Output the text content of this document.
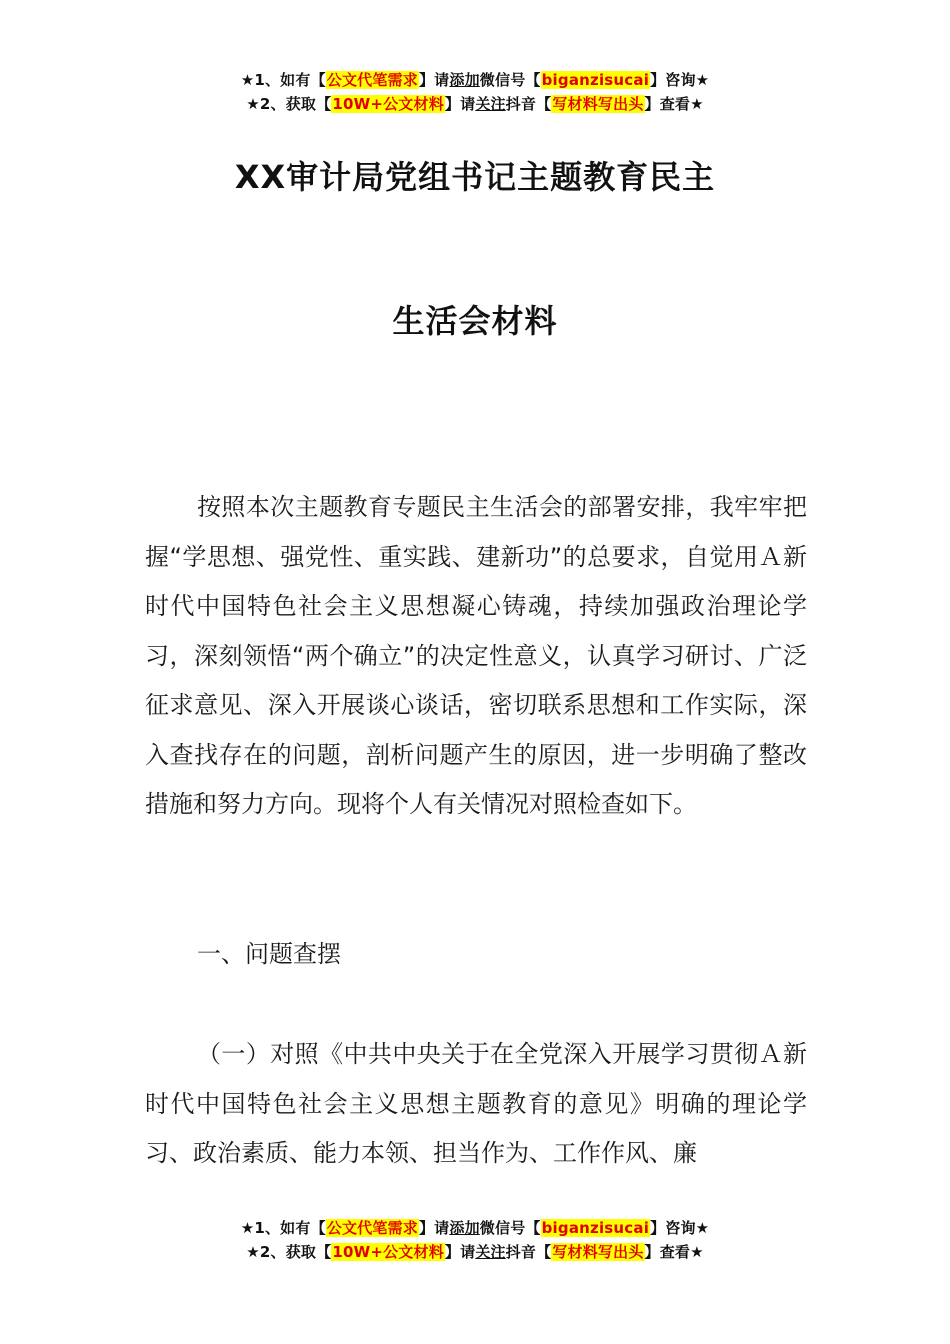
★1、如有【公文代笔需求】请添加微信号【biganzisucai】咨询★
★2、获取【10W+公文材料】请关注抖音【写材料写出头】查看★
XX审计局党组书记主题教育民主
生活会材料
按照本次主题教育专题民主生活会的部署安排，我牢牢把握“学思想、强党性、重实践、建新功”的总要求，自觉用Ａ新时代中国特色社会主义思想凝心铸魂，持续加强政治理论学习，深刻领悟“两个确立”的决定性意义，认真学习研讨、广泛征求意见、深入开展谈心谈话，密切联系思想和工作实际，深入查找存在的问题，剖析问题产生的原因，进一步明确了整改措施和努力方向。现将个人有关情况对照检查如下。
一、问题查摆
（一）对照《中共中央关于在全党深入开展学习贯彻Ａ新时代中国特色社会主义思想主题教育的意见》明确的理论学习、政治素质、能力本领、担当作为、工作作风、廉
★1、如有【公文代笔需求】请添加微信号【biganzisucai】咨询★
★2、获取【10W+公文材料】请关注抖音【写材料写出头】查看★
